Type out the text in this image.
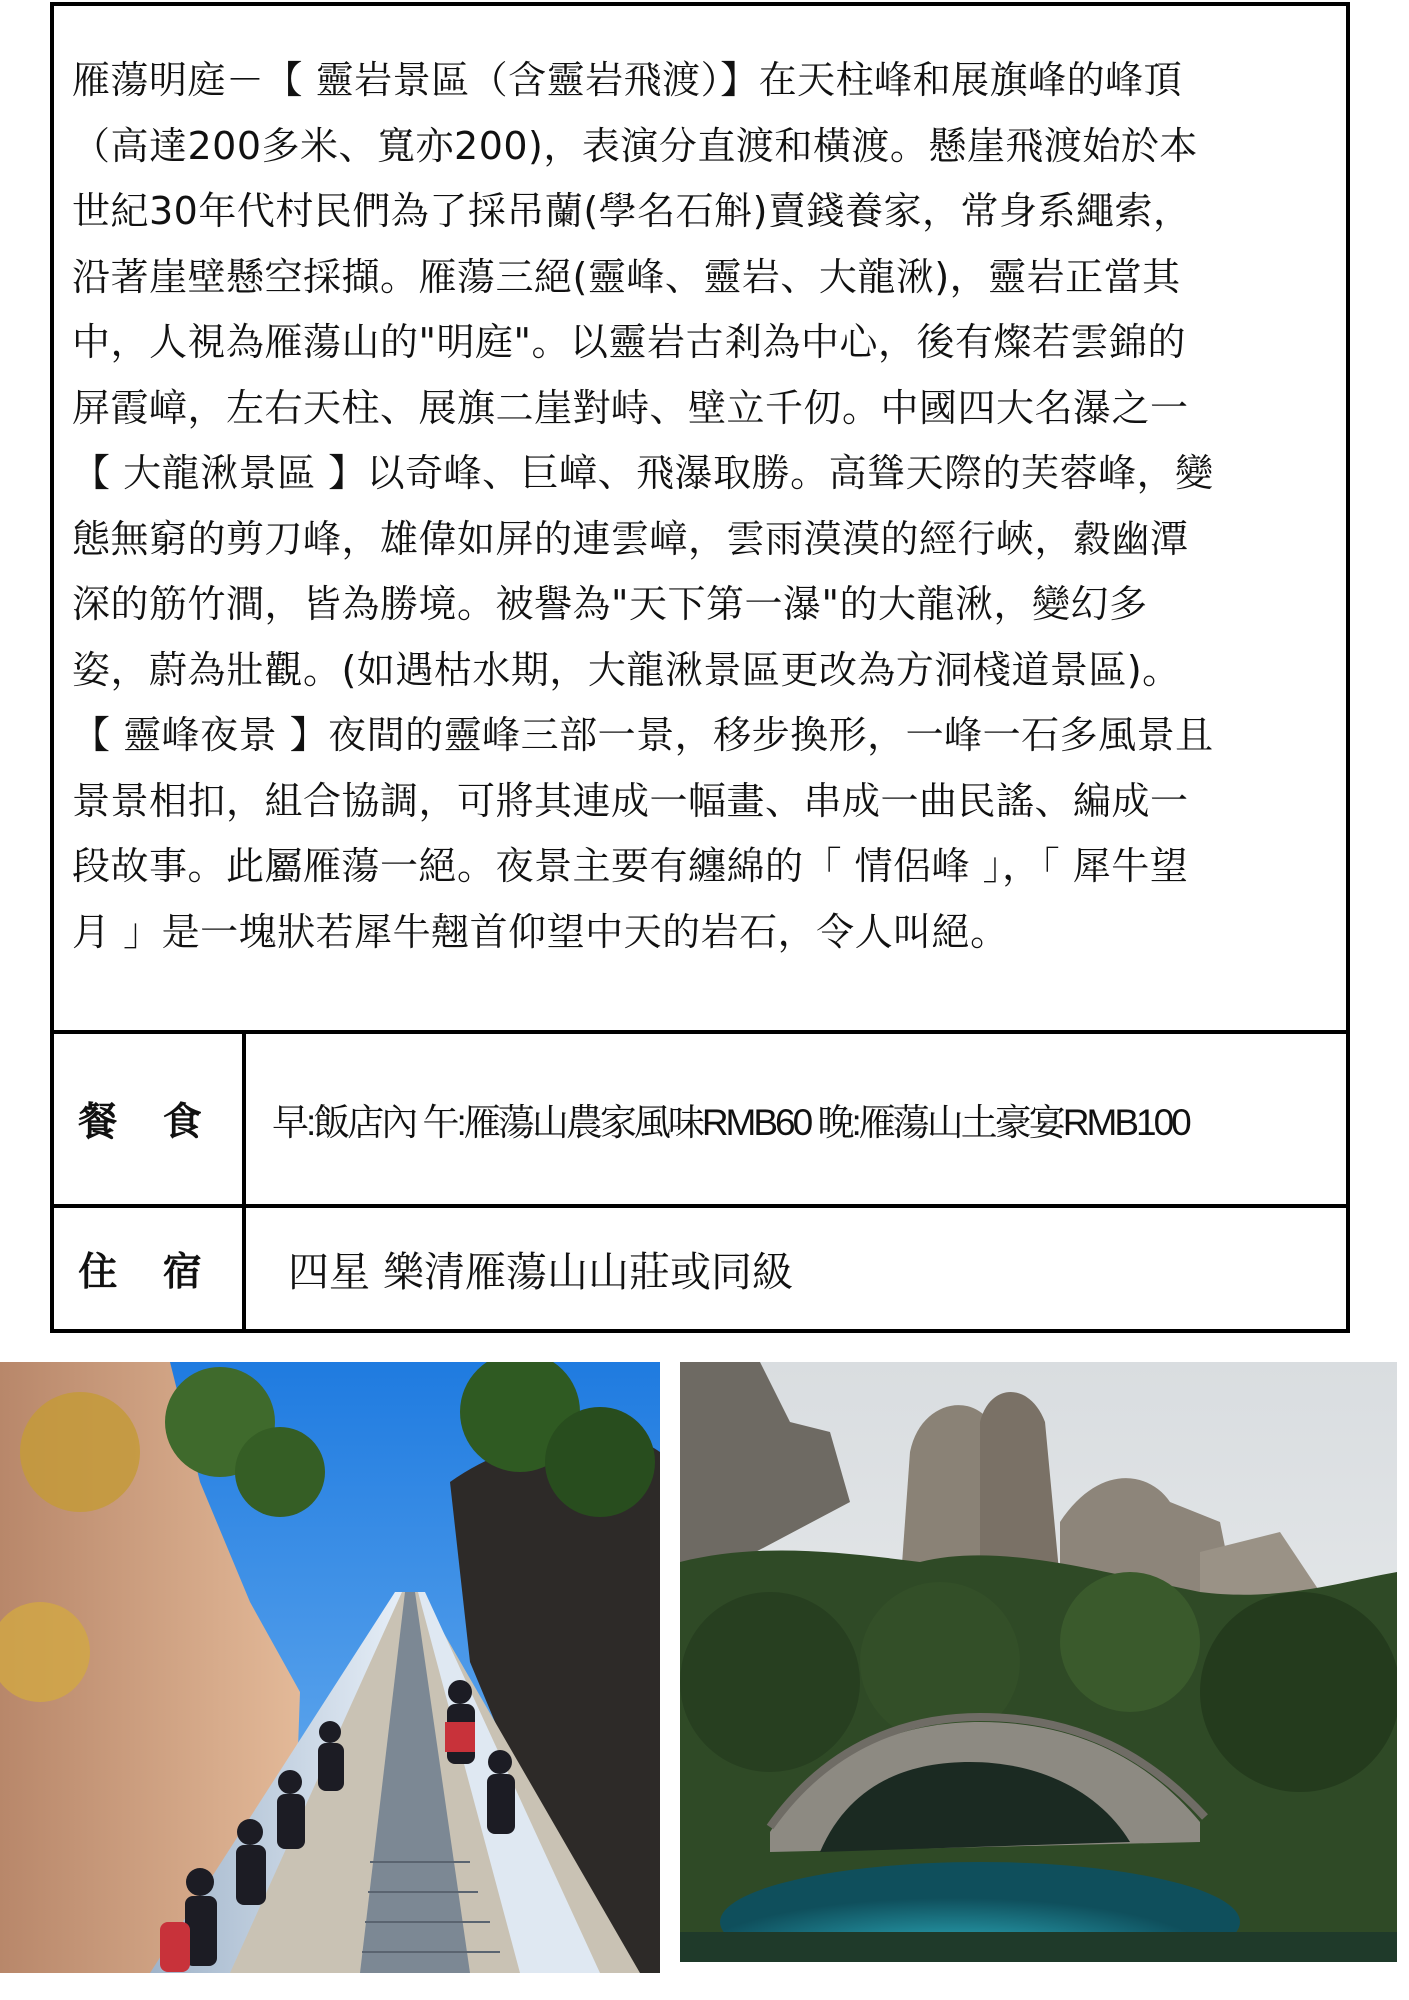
雁蕩明庭－【 靈岩景區（含靈岩飛渡）】在天柱峰和展旗峰的峰頂
（高達200多米、寬亦200)，表演分直渡和橫渡。懸崖飛渡始於本
世紀30年代村民們為了採吊蘭(學名石斛)賣錢養家，常身系繩索，
沿著崖壁懸空採擷。雁蕩三絕(靈峰、靈岩、大龍湫)，靈岩正當其
中，人視為雁蕩山的"明庭"。以靈岩古剎為中心，後有燦若雲錦的
屏霞嶂，左右天柱、展旗二崖對峙、壁立千仞。中國四大名瀑之一
【 大龍湫景區 】以奇峰、巨嶂、飛瀑取勝。高聳天際的芙蓉峰，變
態無窮的剪刀峰，雄偉如屏的連雲嶂，雲雨漠漠的經行峽，縠幽潭
深的筋竹澗，皆為勝境。被譽為"天下第一瀑"的大龍湫，變幻多
姿，蔚為壯觀。(如遇枯水期，大龍湫景區更改為方洞棧道景區)。
【 靈峰夜景 】夜間的靈峰三部一景，移步換形，一峰一石多風景且
景景相扣，組合協調，可將其連成一幅畫、串成一曲民謠、編成一
段故事。此屬雁蕩一絕。夜景主要有纏綿的「 情侶峰 」，「 犀牛望
月 」是一塊狀若犀牛翹首仰望中天的岩石，令人叫絕。
餐 食	早:飯店內 午:雁蕩山農家風味RMB60 晚:雁蕩山土豪宴RMB100
住 宿	四星 樂清雁蕩山山莊或同級
